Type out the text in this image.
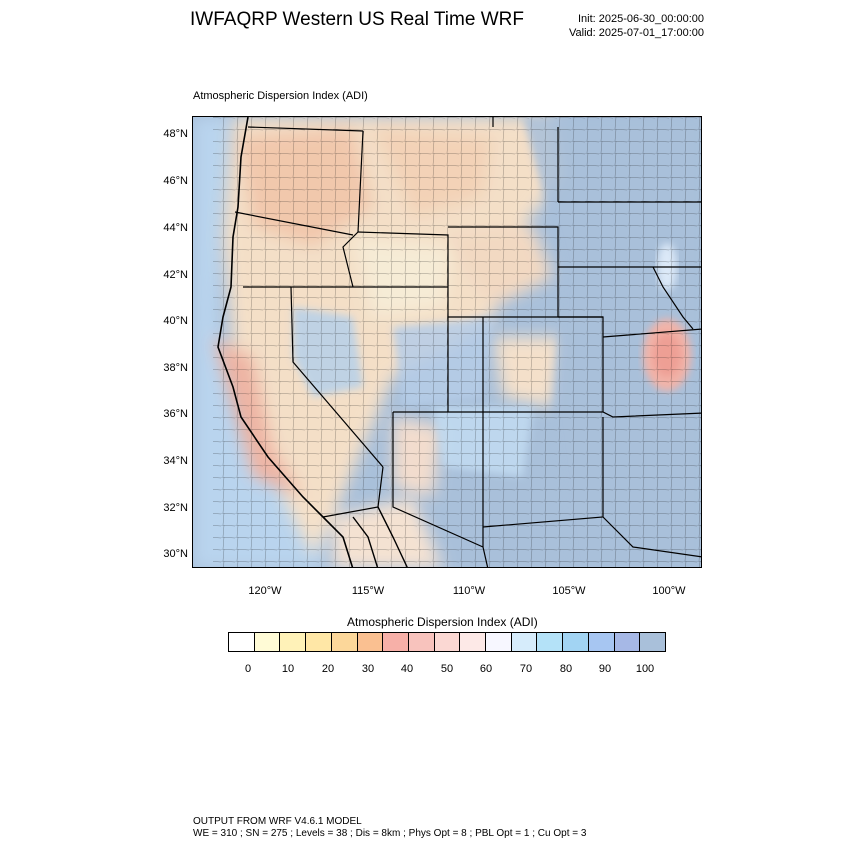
IWFAQRP Western US Real Time WRF	Init: 2025-06-30_00:00:00
Valid: 2025-07-01_17:00:00
Atmospheric Dispersion Index (ADI)
48°N
46°N
44°N
42°N
40°N
38°N
36°N
34°N
32°N
30°N
120°W	115°W	110°W	105°W	100°W
Atmospheric Dispersion Index (ADI)
0	10	20	30 40	50 60	70	80 90 100
OUTPUT FROM WRF V4.6.1 MODEL
WE = 310 ; SN = 275 ; Levels = 38 ; Dis = 8km ; Phys Opt = 8 ; PBL Opt = 1 ; Cu Opt = 3
